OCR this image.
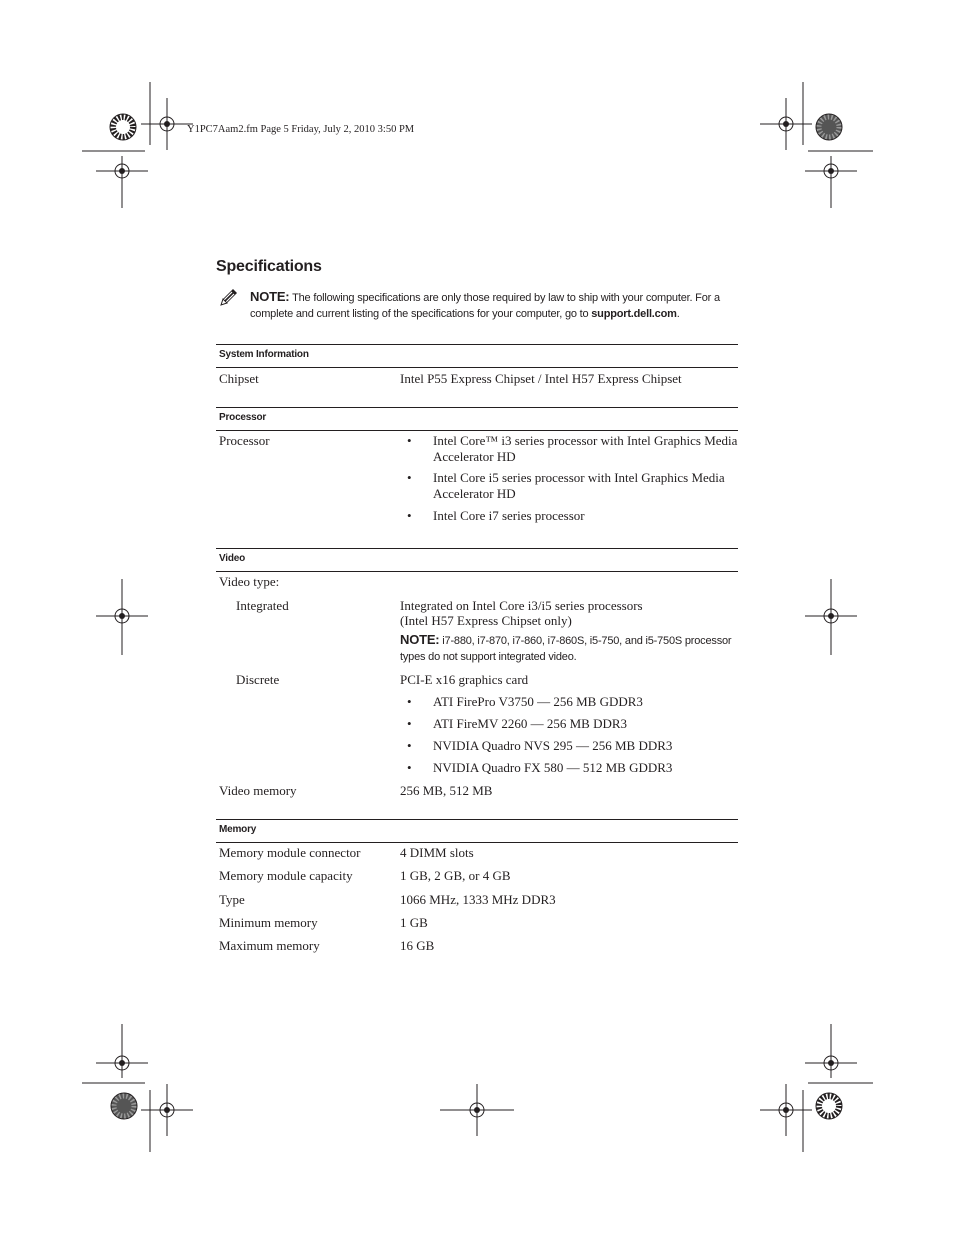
Y1PC7Aam2.fm Page 5 Friday, July 2, 2010 3:50 PM
Specifications
NOTE: The following specifications are only those required by law to ship with your computer. For a complete and current listing of the specifications for your computer, go to support.dell.com.
System Information
Chipset	Intel P55 Express Chipset / Intel H57 Express Chipset
Processor
Processor	• Intel Core™ i3 series processor with Intel Graphics Media Accelerator HD
• Intel Core i5 series processor with Intel Graphics Media Accelerator HD
• Intel Core i7 series processor
Video
Video type:
Integrated	Integrated on Intel Core i3/i5 series processors
(Intel H57 Express Chipset only)
NOTE: i7-880, i7-870, i7-860, i7-860S, i5-750, and i5-750S processor types do not support integrated video.
Discrete	PCI-E x16 graphics card
• ATI FirePro V3750 — 256 MB GDDR3
• ATI FireMV 2260 — 256 MB DDR3
• NVIDIA Quadro NVS 295 — 256 MB DDR3
• NVIDIA Quadro FX 580 — 512 MB GDDR3
Video memory	256 MB, 512 MB
Memory
Memory module connector	4 DIMM slots
Memory module capacity	1 GB, 2 GB, or 4 GB
Type	1066 MHz, 1333 MHz DDR3
Minimum memory	1 GB
Maximum memory	16 GB
